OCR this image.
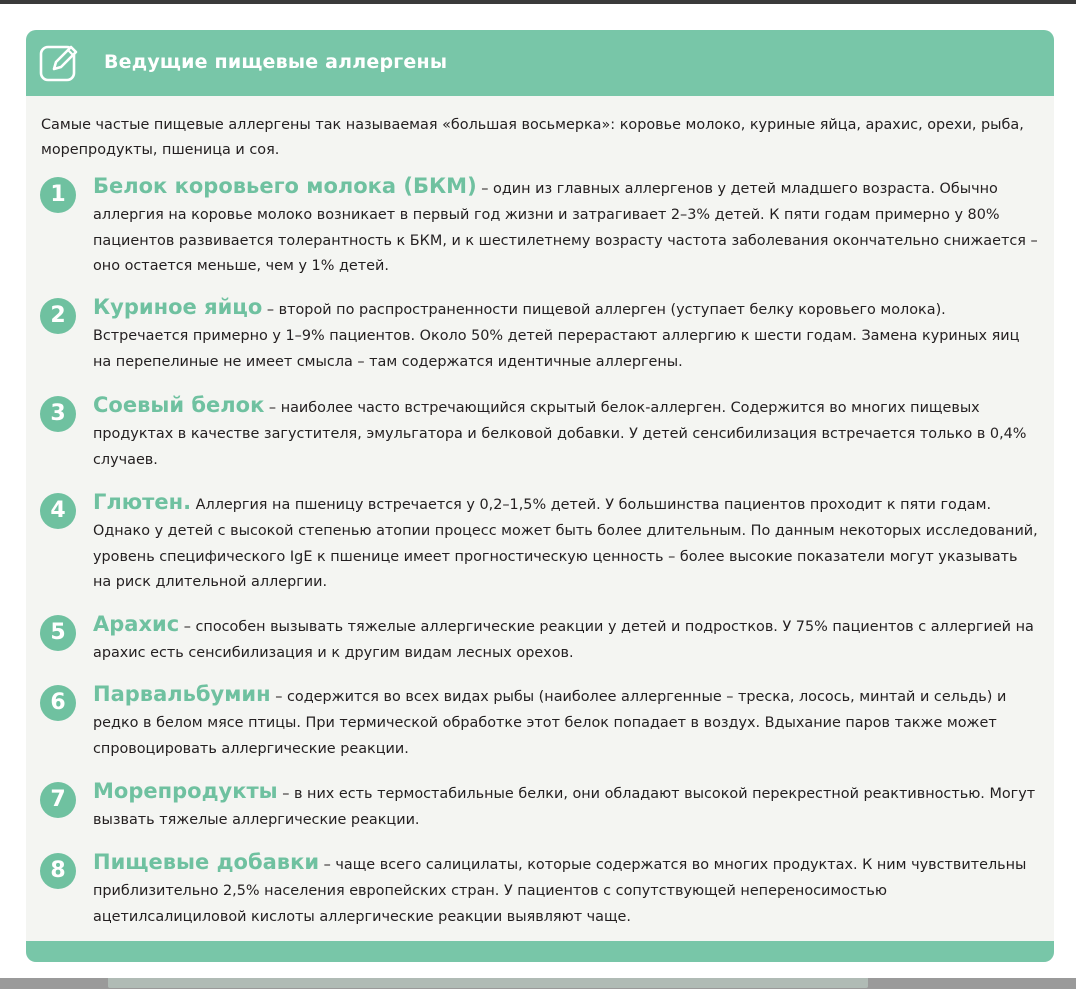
Ведущие пищевые аллергены
Самые частые пищевые аллергены так называемая «большая восьмерка»: коровье молоко, куриные яйца, арахис, орехи, рыба, морепродукты, пшеница и соя.
1	Белок коровьего молока (БКМ) – один из главных аллергенов у детей младшего возраста. Обычно аллергия на коровье молоко возникает в первый год жизни и затрагивает 2–3% детей. К пяти годам примерно у 80% пациентов развивается толерантность к БКМ, и к шестилетнему возрасту частота заболевания окончательно снижается – оно остается меньше, чем у 1% детей.
2	Куриное яйцо – второй по распространенности пищевой аллерген (уступает белку коровьего молока). Встречается примерно у 1–9% пациентов. Около 50% детей перерастают аллергию к шести годам. Замена куриных яиц на перепелиные не имеет смысла – там содержатся идентичные аллергены.
3	Соевый белок – наиболее часто встречающийся скрытый белок-аллерген. Содержится во многих пищевых продуктах в качестве загустителя, эмульгатора и белковой добавки. У детей сенсибилизация встречается только в 0,4% случаев.
4	Глютен. Аллергия на пшеницу встречается у 0,2–1,5% детей. У большинства пациентов проходит к пяти годам. Однако у детей с высокой степенью атопии процесс может быть более длительным. По данным некоторых исследований, уровень специфического IgE к пшенице имеет прогностическую ценность – более высокие показатели могут указывать на риск длительной аллергии.
5	Арахис – способен вызывать тяжелые аллергические реакции у детей и подростков. У 75% пациентов с аллергией на арахис есть сенсибилизация и к другим видам лесных орехов.
6	Парвальбумин – содержится во всех видах рыбы (наиболее аллергенные – треска, лосось, минтай и сельдь) и редко в белом мясе птицы. При термической обработке этот белок попадает в воздух. Вдыхание паров также может спровоцировать аллергические реакции.
7	Морепродукты – в них есть термостабильные белки, они обладают высокой перекрестной реактивностью. Могут вызвать тяжелые аллергические реакции.
8	Пищевые добавки – чаще всего салицилаты, которые содержатся во многих продуктах. К ним чувствительны приблизительно 2,5% населения европейских стран. У пациентов с сопутствующей непереносимостью ацетилсалициловой кислоты аллергические реакции выявляют чаще.
